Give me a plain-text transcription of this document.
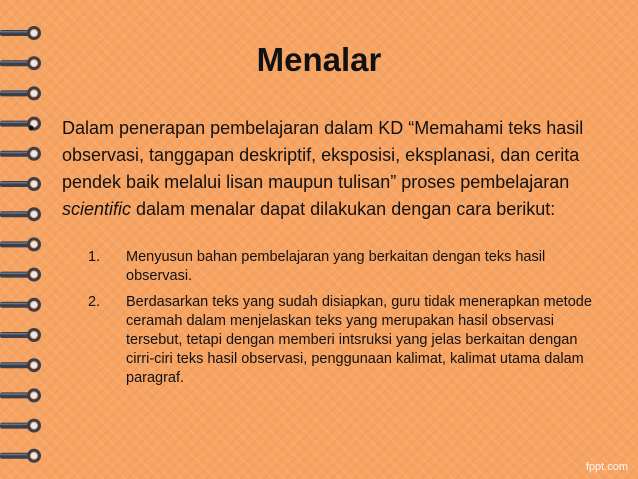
Menalar
• Dalam penerapan pembelajaran dalam KD “Memahami teks hasil observasi, tanggapan deskriptif, eksposisi, eksplanasi, dan cerita pendek baik melalui lisan maupun tulisan” proses pembelajaran scientific dalam menalar dapat dilakukan dengan cara berikut:

1. Menyusun bahan pembelajaran yang berkaitan dengan teks hasil observasi.
2. Berdasarkan teks yang sudah disiapkan, guru tidak menerapkan metode ceramah dalam menjelaskan teks yang merupakan hasil observasi tersebut, tetapi dengan memberi intsruksi yang jelas berkaitan dengan cirri-ciri teks hasil observasi, penggunaan kalimat, kalimat utama dalam paragraf.
fppt.com
